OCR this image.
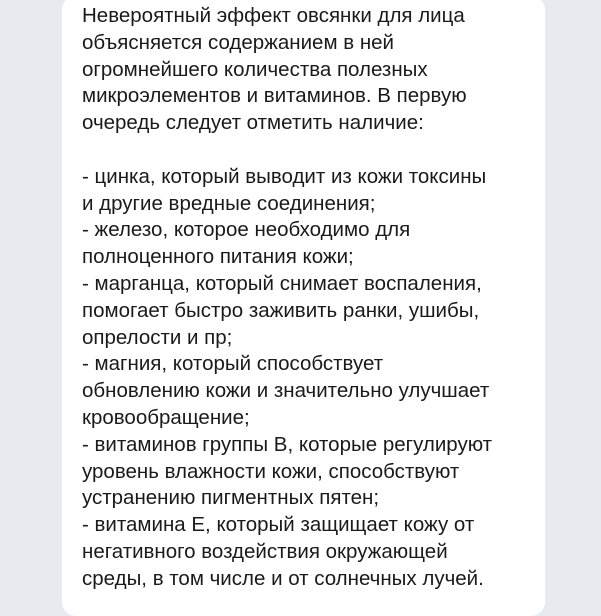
Невероятный эффект овсянки для лица
объясняется содержанием в ней
огромнейшего количества полезных
микроэлементов и витаминов. В первую
очередь следует отметить наличие:
- цинка, который выводит из кожи токсины
и другие вредные соединения;
- железо, которое необходимо для
полноценного питания кожи;
- марганца, который снимает воспаления,
помогает быстро заживить ранки, ушибы,
опрелости и пр;
- магния, который способствует
обновлению кожи и значительно улучшает
кровообращение;
- витаминов группы В, которые регулируют
уровень влажности кожи, способствуют
устранению пигментных пятен;
- витамина Е, который защищает кожу от
негативного воздействия окружающей
среды, в том числе и от солнечных лучей.
